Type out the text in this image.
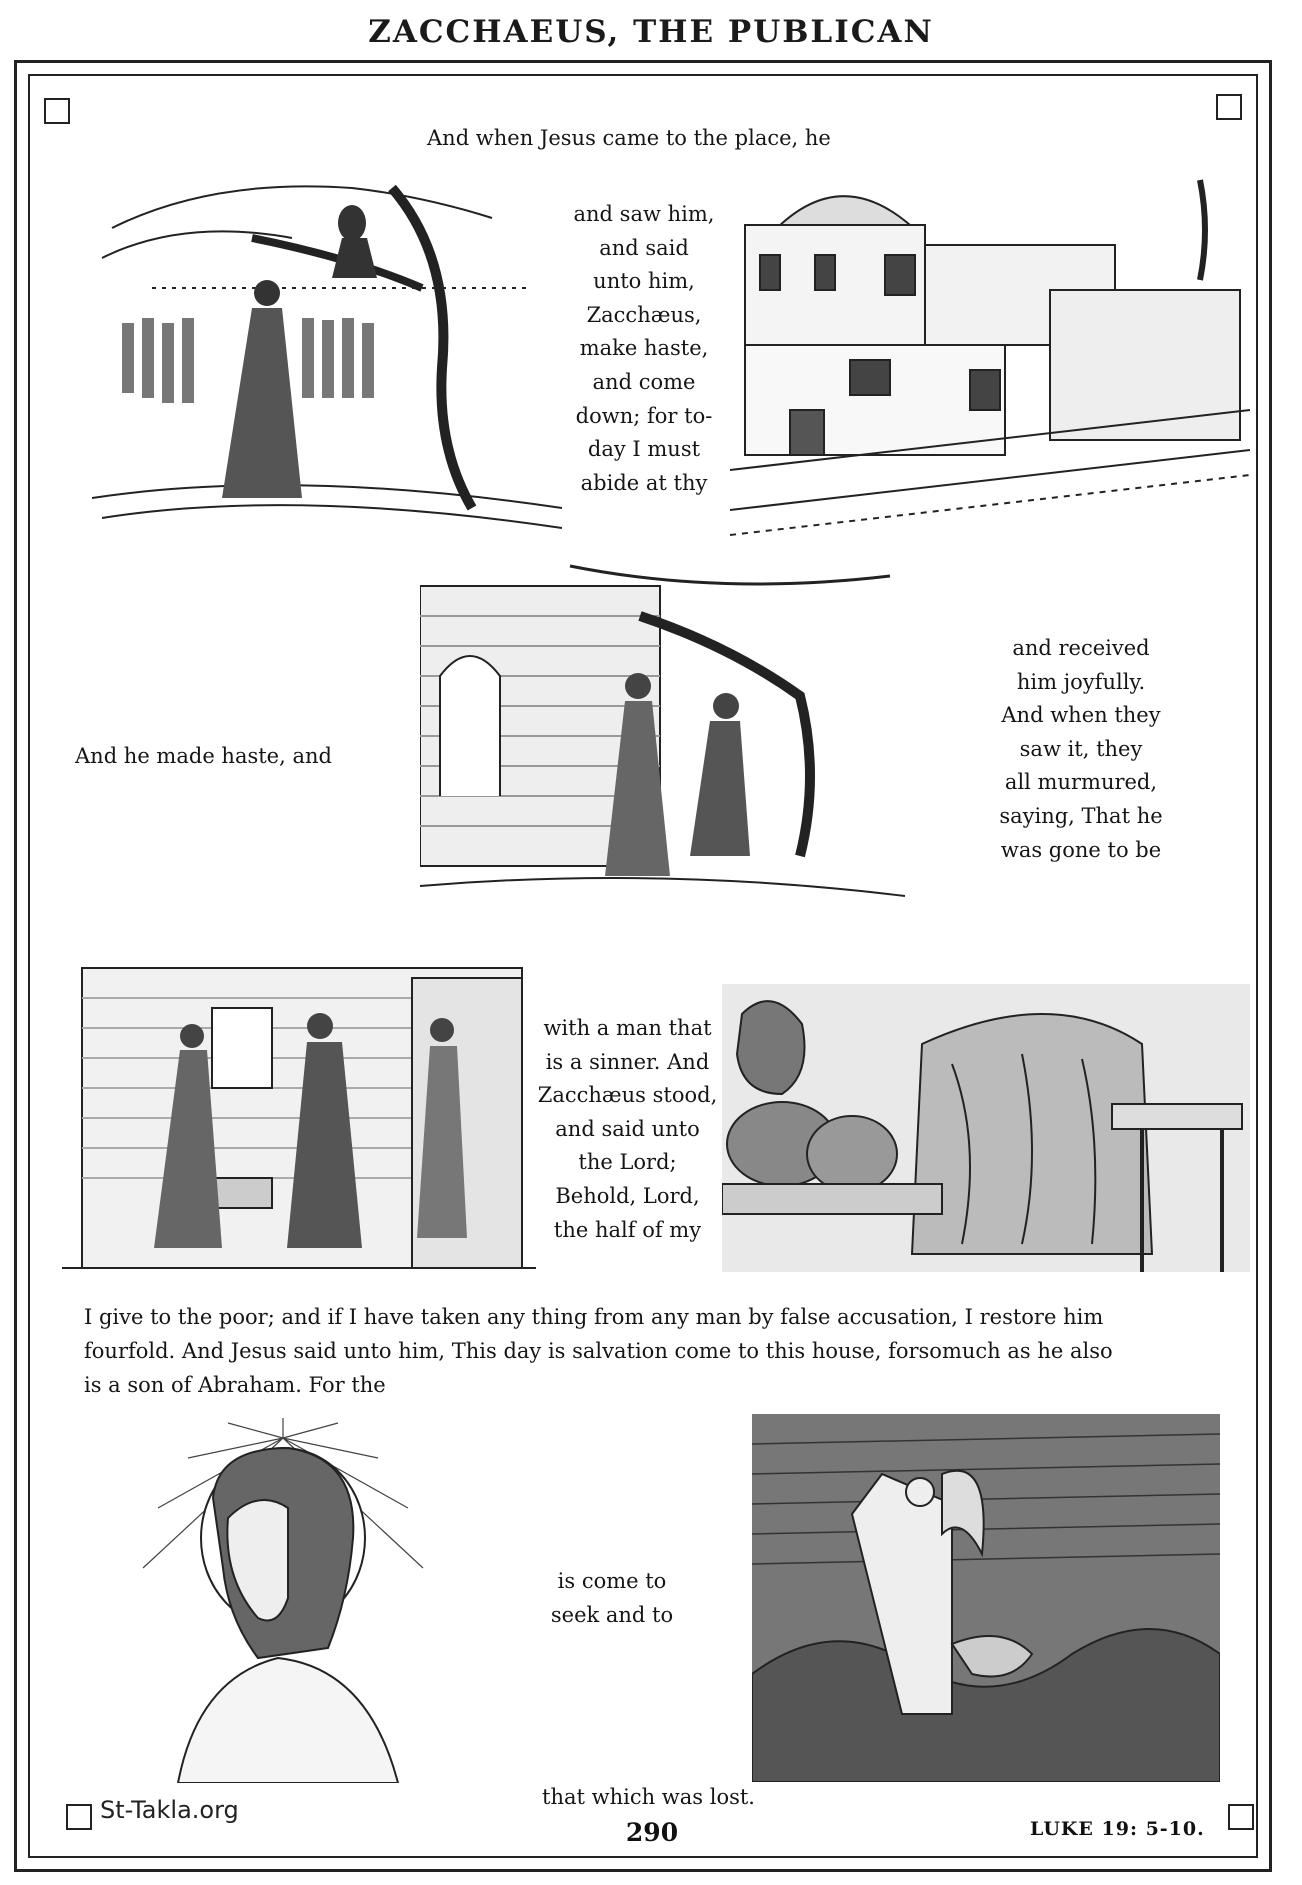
ZACCHAEUS, THE PUBLICAN
And when Jesus came to the place, he
and saw him,
and said
unto him,
Zacchæus,
make haste,
and come
down; for to-
day I must
abide at thy
And he made haste, and
and received
him joyfully.
And when they
saw it, they
all murmured,
saying, That he
was gone to be
with a man that
is a sinner. And
Zacchæus stood,
and said unto
the Lord;
Behold, Lord,
the half of my
I give to the poor; and if I have taken any thing from any man by false accusation, I restore him
fourfold. And Jesus said unto him, This day is salvation come to this house, forsomuch as he also
is a son of Abraham. For the
is come to
seek and to
that which was lost.
St-Takla.org
290	LUKE 19: 5-10.
